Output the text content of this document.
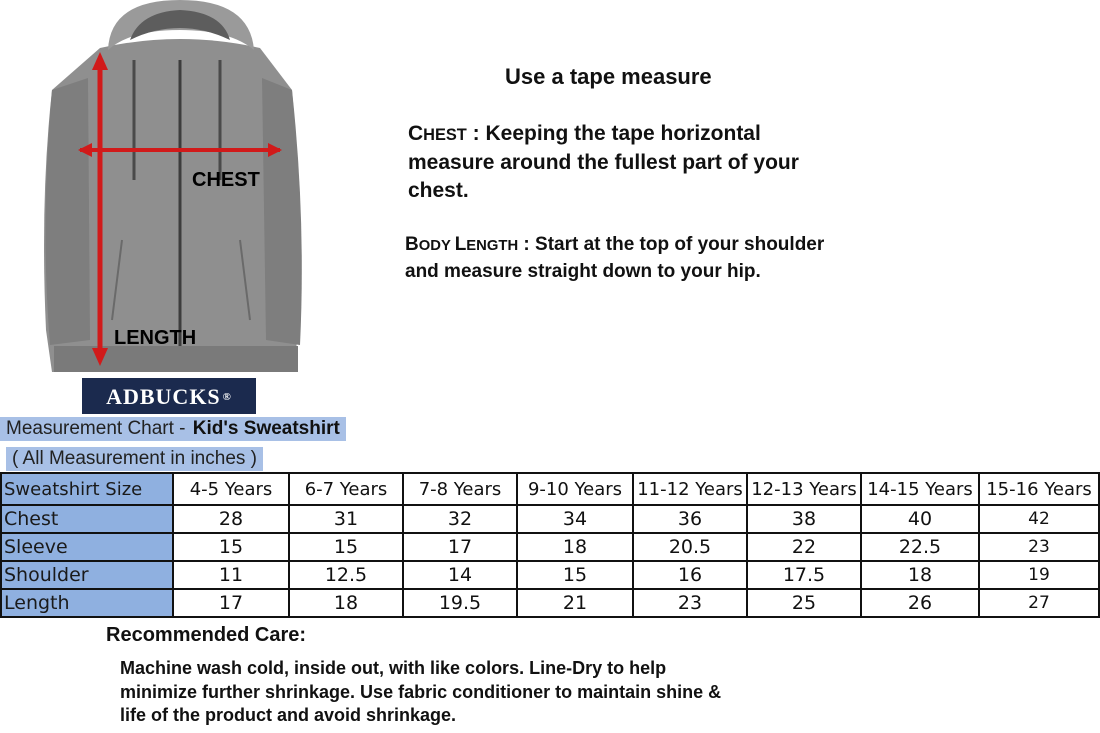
CHEST
LENGTH
ADBUCKS ®
Use a tape measure
CHEST : Keeping the tape horizontal measure around the fullest part of your chest.
BODY LENGTH : Start at the top of your shoulder and measure straight down to your hip.
Measurement Chart - Kid's Sweatshirt
( All Measurement in inches )
Sweatshirt Size	4-5 Years	6-7 Years	7-8 Years	9-10 Years	11-12 Years	12-13 Years	14-15 Years	15-16 Years
Chest	28	31	32	34	36	38	40	42
Sleeve	15	15	17	18	20.5	22	22.5	23
Shoulder	11	12.5	14	15	16	17.5	18	19
Length	17	18	19.5	21	23	25	26	27
Recommended Care:
Machine wash cold, inside out, with like colors. Line-Dry to help minimize further shrinkage. Use fabric conditioner to maintain shine & life of the product and avoid shrinkage.
